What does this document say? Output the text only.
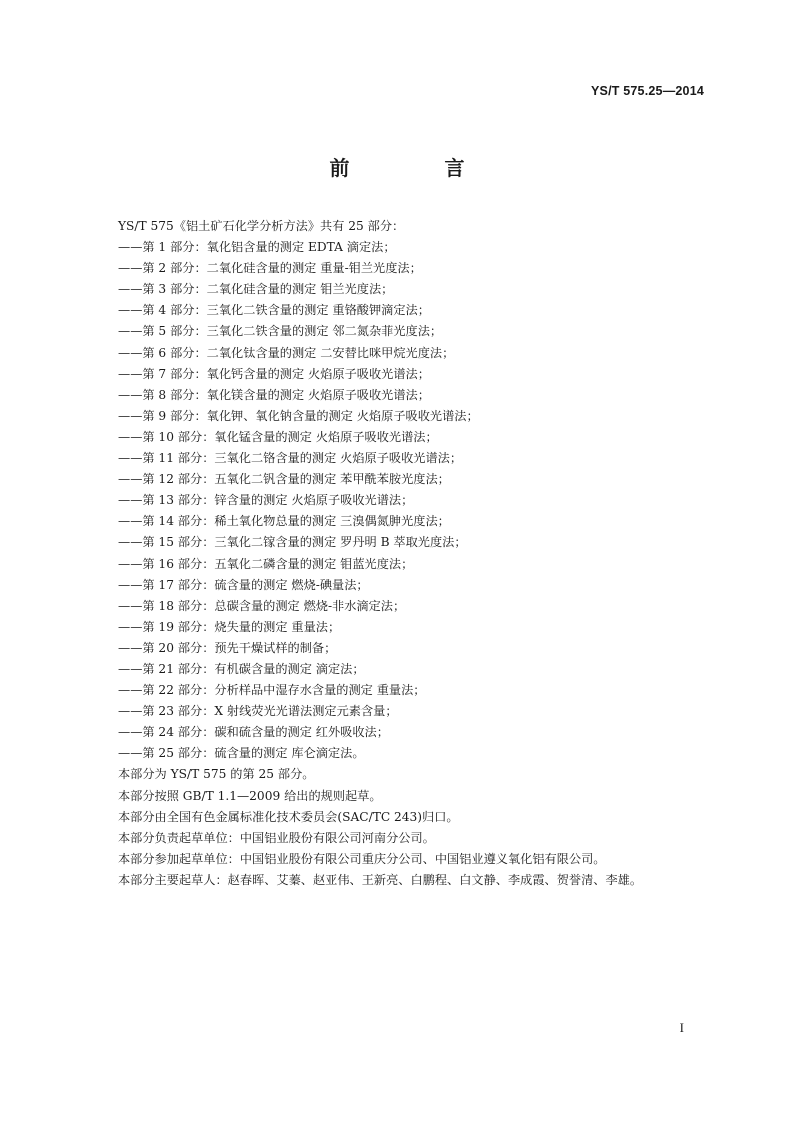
YS/T 575.25—2014
前 言
YS/T 575《铝土矿石化学分析方法》共有 25 部分：
——第 1 部分：氧化铝含量的测定 EDTA 滴定法；
——第 2 部分：二氧化硅含量的测定 重量-钼兰光度法；
——第 3 部分：二氧化硅含量的测定 钼兰光度法；
——第 4 部分：三氧化二铁含量的测定 重铬酸钾滴定法；
——第 5 部分：三氧化二铁含量的测定 邻二氮杂菲光度法；
——第 6 部分：二氧化钛含量的测定 二安替比咪甲烷光度法；
——第 7 部分：氧化钙含量的测定 火焰原子吸收光谱法；
——第 8 部分：氧化镁含量的测定 火焰原子吸收光谱法；
——第 9 部分：氧化钾、氧化钠含量的测定 火焰原子吸收光谱法；
——第 10 部分：氧化锰含量的测定 火焰原子吸收光谱法；
——第 11 部分：三氧化二铬含量的测定 火焰原子吸收光谱法；
——第 12 部分：五氧化二钒含量的测定 苯甲酰苯胺光度法；
——第 13 部分：锌含量的测定 火焰原子吸收光谱法；
——第 14 部分：稀土氧化物总量的测定 三溴偶氮胂光度法；
——第 15 部分：三氧化二镓含量的测定 罗丹明 B 萃取光度法；
——第 16 部分：五氧化二磷含量的测定 钼蓝光度法；
——第 17 部分：硫含量的测定 燃烧-碘量法；
——第 18 部分：总碳含量的测定 燃烧-非水滴定法；
——第 19 部分：烧失量的测定 重量法；
——第 20 部分：预先干燥试样的制备；
——第 21 部分：有机碳含量的测定 滴定法；
——第 22 部分：分析样品中湿存水含量的测定 重量法；
——第 23 部分：X 射线荧光光谱法测定元素含量；
——第 24 部分：碳和硫含量的测定 红外吸收法；
——第 25 部分：硫含量的测定 库仑滴定法。
本部分为 YS/T 575 的第 25 部分。
本部分按照 GB/T 1.1—2009 给出的规则起草。
本部分由全国有色金属标准化技术委员会(SAC/TC 243)归口。
本部分负责起草单位：中国铝业股份有限公司河南分公司。
本部分参加起草单位：中国铝业股份有限公司重庆分公司、中国铝业遵义氧化铝有限公司。
本部分主要起草人：赵春晖、艾蓁、赵亚伟、王新亮、白鹏程、白文静、李成霞、贺誉清、李雄。
I
